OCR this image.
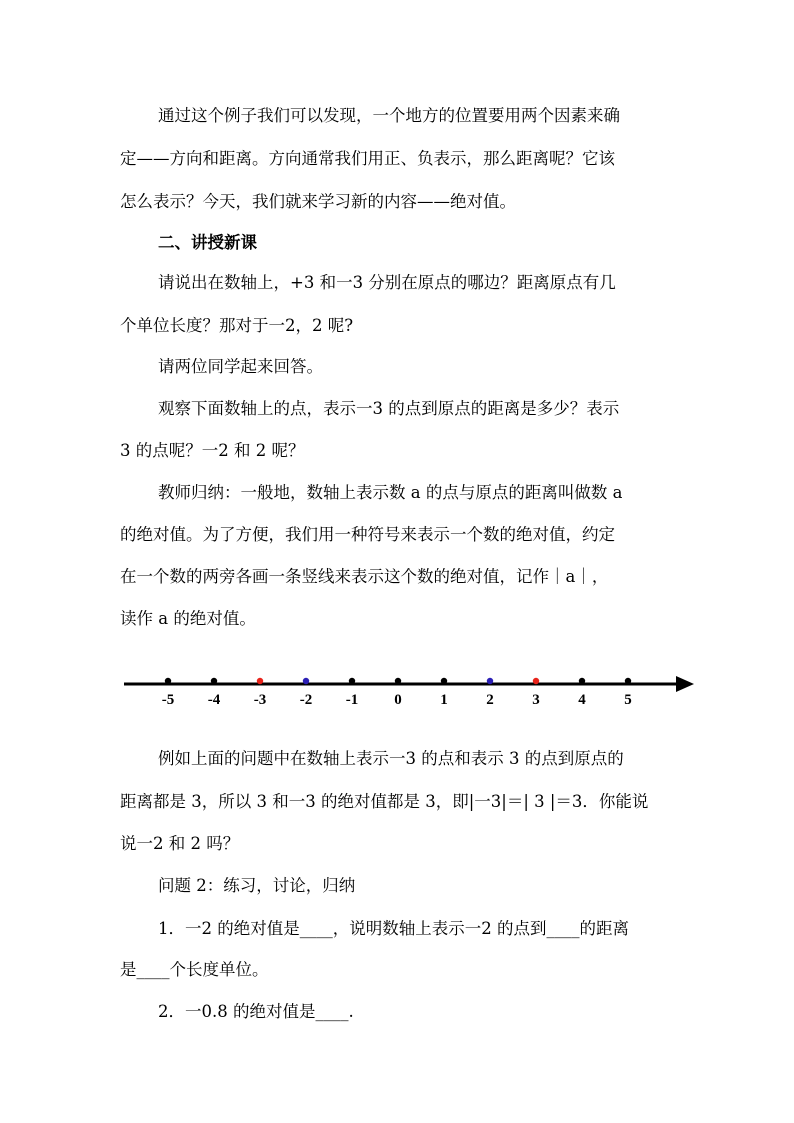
通过这个例子我们可以发现，一个地方的位置要用两个因素来确
定——方向和距离。方向通常我们用正、负表示，那么距离呢？它该
怎么表示？今天，我们就来学习新的内容——绝对值。
二、讲授新课
请说出在数轴上，+3 和一3 分别在原点的哪边？距离原点有几
个单位长度？那对于一2，2 呢?
请两位同学起来回答。
观察下面数轴上的点，表示一3 的点到原点的距离是多少？表示
3 的点呢？一2 和 2 呢？
教师归纳：一般地，数轴上表示数 a 的点与原点的距离叫做数 a
的绝对值。为了方便，我们用一种符号来表示一个数的绝对值，约定
在一个数的两旁各画一条竖线来表示这个数的绝对值，记作｜a｜，
读作 a 的绝对值。
-5 -4 -3 -2 -1 0	1	2	3	4	5
例如上面的问题中在数轴上表示一3 的点和表示 3 的点到原点的
距离都是 3，所以 3 和一3 的绝对值都是 3，即|一3|＝| 3 |＝3．你能说
说一2 和 2 吗？
问题 2：练习，讨论，归纳
1．一2 的绝对值是____，说明数轴上表示一2 的点到____的距离
是____个长度单位。
2．一0.8 的绝对值是____.
